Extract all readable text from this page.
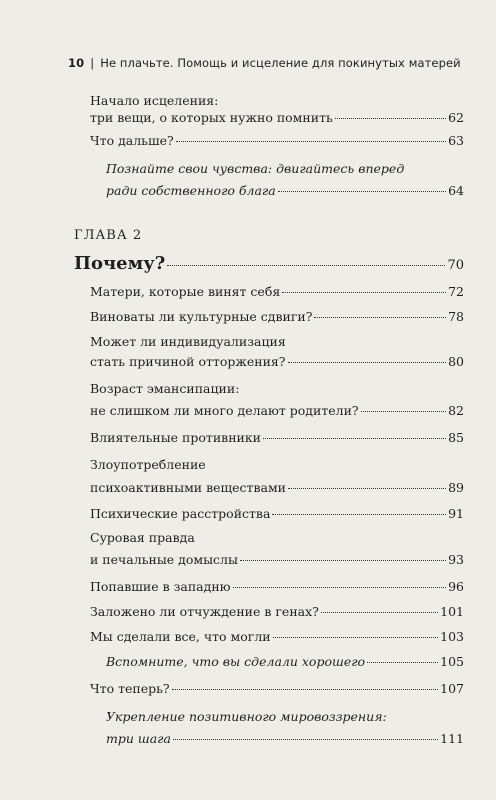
10 | Не плачьте. Помощь и исцеление для покинутых матерей
Начало исцеления:
три вещи, о которых нужно помнить	62
Что дальше?	63
Познайте свои чувства: двигайтесь вперед
ради собственного блага	64
ГЛАВА 2
Почему?	70
Матери, которые винят себя	72
Виноваты ли культурные сдвиги?	78
Может ли индивидуализация
стать причиной отторжения?	80
Возраст эмансипации:
не слишком ли много делают родители?	82
Влиятельные противники	85
Злоупотребление
психоактивными веществами	89
Психические расстройства	91
Суровая правда
и печальные домыслы	93
Попавшие в западню	96
Заложено ли отчуждение в генах?	101
Мы сделали все, что могли	103
Вспомните, что вы сделали хорошего	105
Что теперь?	107
Укрепление позитивного мировоззрения:
три шага	111
